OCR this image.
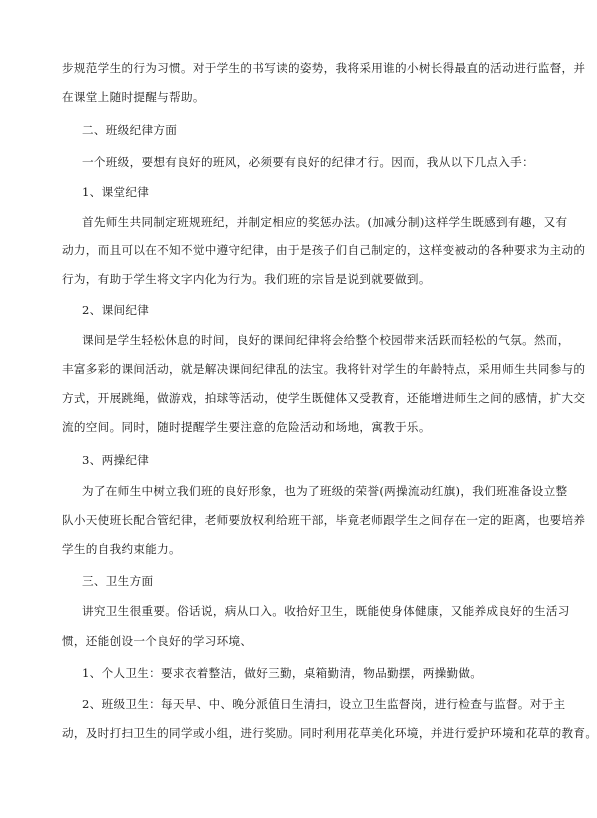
步规范学生的行为习惯。对于学生的书写读的姿势，我将采用谁的小树长得最直的活动进行监督，并
在课堂上随时提醒与帮助。
二、班级纪律方面
一个班级，要想有良好的班风，必须要有良好的纪律才行。因而，我从以下几点入手：
1、课堂纪律
首先师生共同制定班规班纪，并制定相应的奖惩办法。(加减分制)这样学生既感到有趣，又有
动力，而且可以在不知不觉中遵守纪律，由于是孩子们自己制定的，这样变被动的各种要求为主动的
行为，有助于学生将文字内化为行为。我们班的宗旨是说到就要做到。
2、课间纪律
课间是学生轻松休息的时间，良好的课间纪律将会给整个校园带来活跃而轻松的气氛。然而，
丰富多彩的课间活动，就是解决课间纪律乱的法宝。我将针对学生的年龄特点，采用师生共同参与的
方式，开展跳绳，做游戏，拍球等活动，使学生既健体又受教育，还能增进师生之间的感情，扩大交
流的空间。同时，随时提醒学生要注意的危险活动和场地，寓教于乐。
3、两操纪律
为了在师生中树立我们班的良好形象，也为了班级的荣誉(两操流动红旗)，我们班准备设立整
队小天使班长配合管纪律，老师要放权利给班干部，毕竟老师跟学生之间存在一定的距离，也要培养
学生的自我约束能力。
三、卫生方面
讲究卫生很重要。俗话说，病从口入。收拾好卫生，既能使身体健康，又能养成良好的生活习
惯，还能创设一个良好的学习环境、
1、个人卫生：要求衣着整洁，做好三勤，桌箱勤清，物品勤摆，两操勤做。
2、班级卫生：每天早、中、晚分派值日生清扫，设立卫生监督岗，进行检查与监督。对于主
动，及时打扫卫生的同学或小组，进行奖励。同时利用花草美化环境，并进行爱护环境和花草的教育。
